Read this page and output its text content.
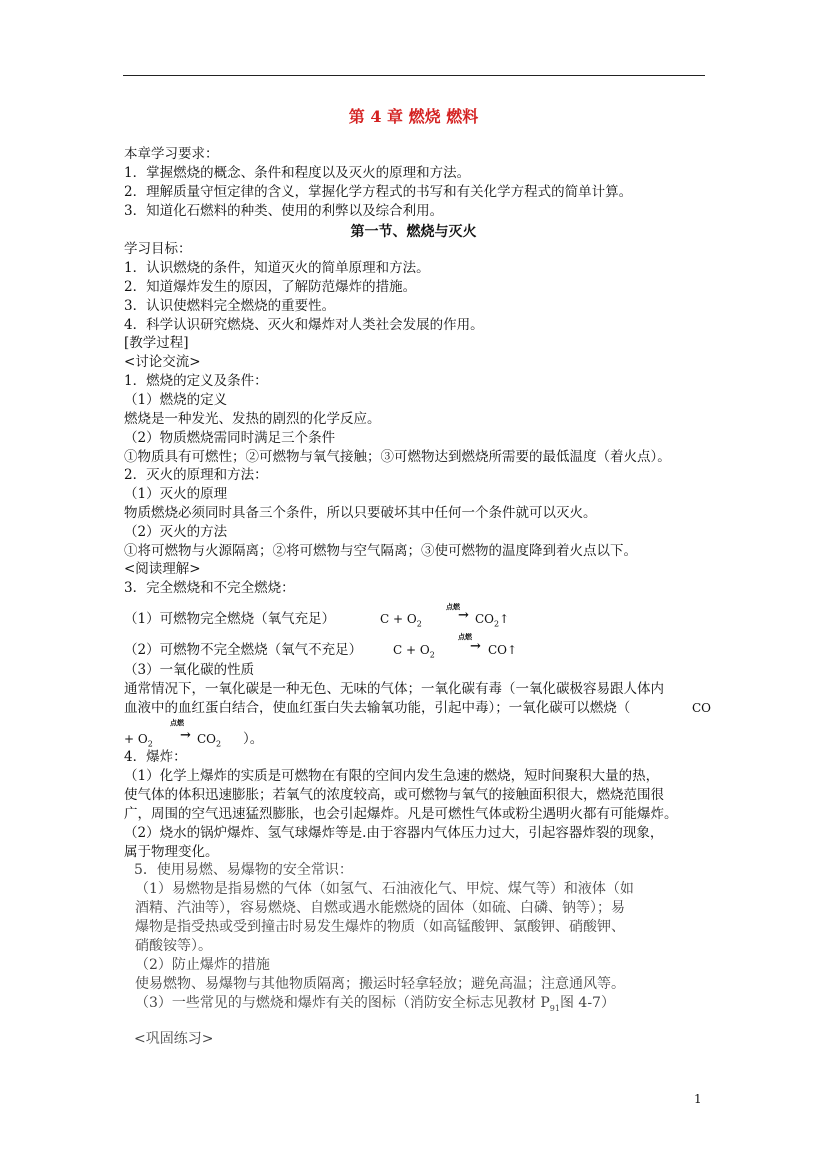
第 4 章 燃烧 燃料
本章学习要求：
1．掌握燃烧的概念、条件和程度以及灭火的原理和方法。
2．理解质量守恒定律的含义，掌握化学方程式的书写和有关化学方程式的简单计算。
3．知道化石燃料的种类、使用的利弊以及综合利用。
第一节、燃烧与灭火
学习目标：
1．认识燃烧的条件，知道灭火的简单原理和方法。
2．知道爆炸发生的原因，了解防范爆炸的措施。
3．认识使燃料完全燃烧的重要性。
4．科学认识研究燃烧、灭火和爆炸对人类社会发展的作用。
[教学过程]
<讨论交流>
1．燃烧的定义及条件：
（1）燃烧的定义
燃烧是一种发光、发热的剧烈的化学反应。
（2）物质燃烧需同时满足三个条件
①物质具有可燃性；②可燃物与氧气接触；③可燃物达到燃烧所需要的最低温度（着火点）。
2．灭火的原理和方法：
（1）灭火的原理
物质燃烧必须同时具备三个条件，所以只要破坏其中任何一个条件就可以灭火。
（2）灭火的方法
①将可燃物与火源隔离；②将可燃物与空气隔离；③使可燃物的温度降到着火点以下。
<阅读理解>
3．完全燃烧和不完全燃烧：
（1）可燃物完全燃烧（氧气充足）	$C + O_2$
点燃
→ $CO_2↑$
（2）可燃物不完全燃烧（氧气不充足）	$C + O_2$
点燃
→ CO↑
（3）一氧化碳的性质
通常情况下，一氧化碳是一种无色、无味的气体；一氧化碳有毒（一氧化碳极容易跟人体内
血液中的血红蛋白结合，使血红蛋白失去输氧功能，引起中毒）；一氧化碳可以燃烧（	CO
+ $O_2$
点燃
→ $CO_2$ ）。
4．爆炸：
（1）化学上爆炸的实质是可燃物在有限的空间内发生急速的燃烧，短时间聚积大量的热，
使气体的体积迅速膨胀；若氧气的浓度较高，或可燃物与氧气的接触面积很大，燃烧范围很
广，周围的空气迅速猛烈膨胀，也会引起爆炸。凡是可燃性气体或粉尘遇明火都有可能爆炸。
（2）烧水的锅炉爆炸、氢气球爆炸等是.由于容器内气体压力过大，引起容器炸裂的现象，
属于物理变化。
5．使用易燃、易爆物的安全常识：
（1）易燃物是指易燃的气体（如氢气、石油液化气、甲烷、煤气等）和液体（如
酒精、汽油等），容易燃烧、自燃或遇水能燃烧的固体（如硫、白磷、钠等）；易
爆物是指受热或受到撞击时易发生爆炸的物质（如高锰酸钾、氯酸钾、硝酸钾、
硝酸铵等）。
（2）防止爆炸的措施
使易燃物、易爆物与其他物质隔离；搬运时轻拿轻放；避免高温；注意通风等。
（3）一些常见的与燃烧和爆炸有关的图标（消防安全标志见教材 $P_{91}$图 4-7）
<巩固练习>
1
